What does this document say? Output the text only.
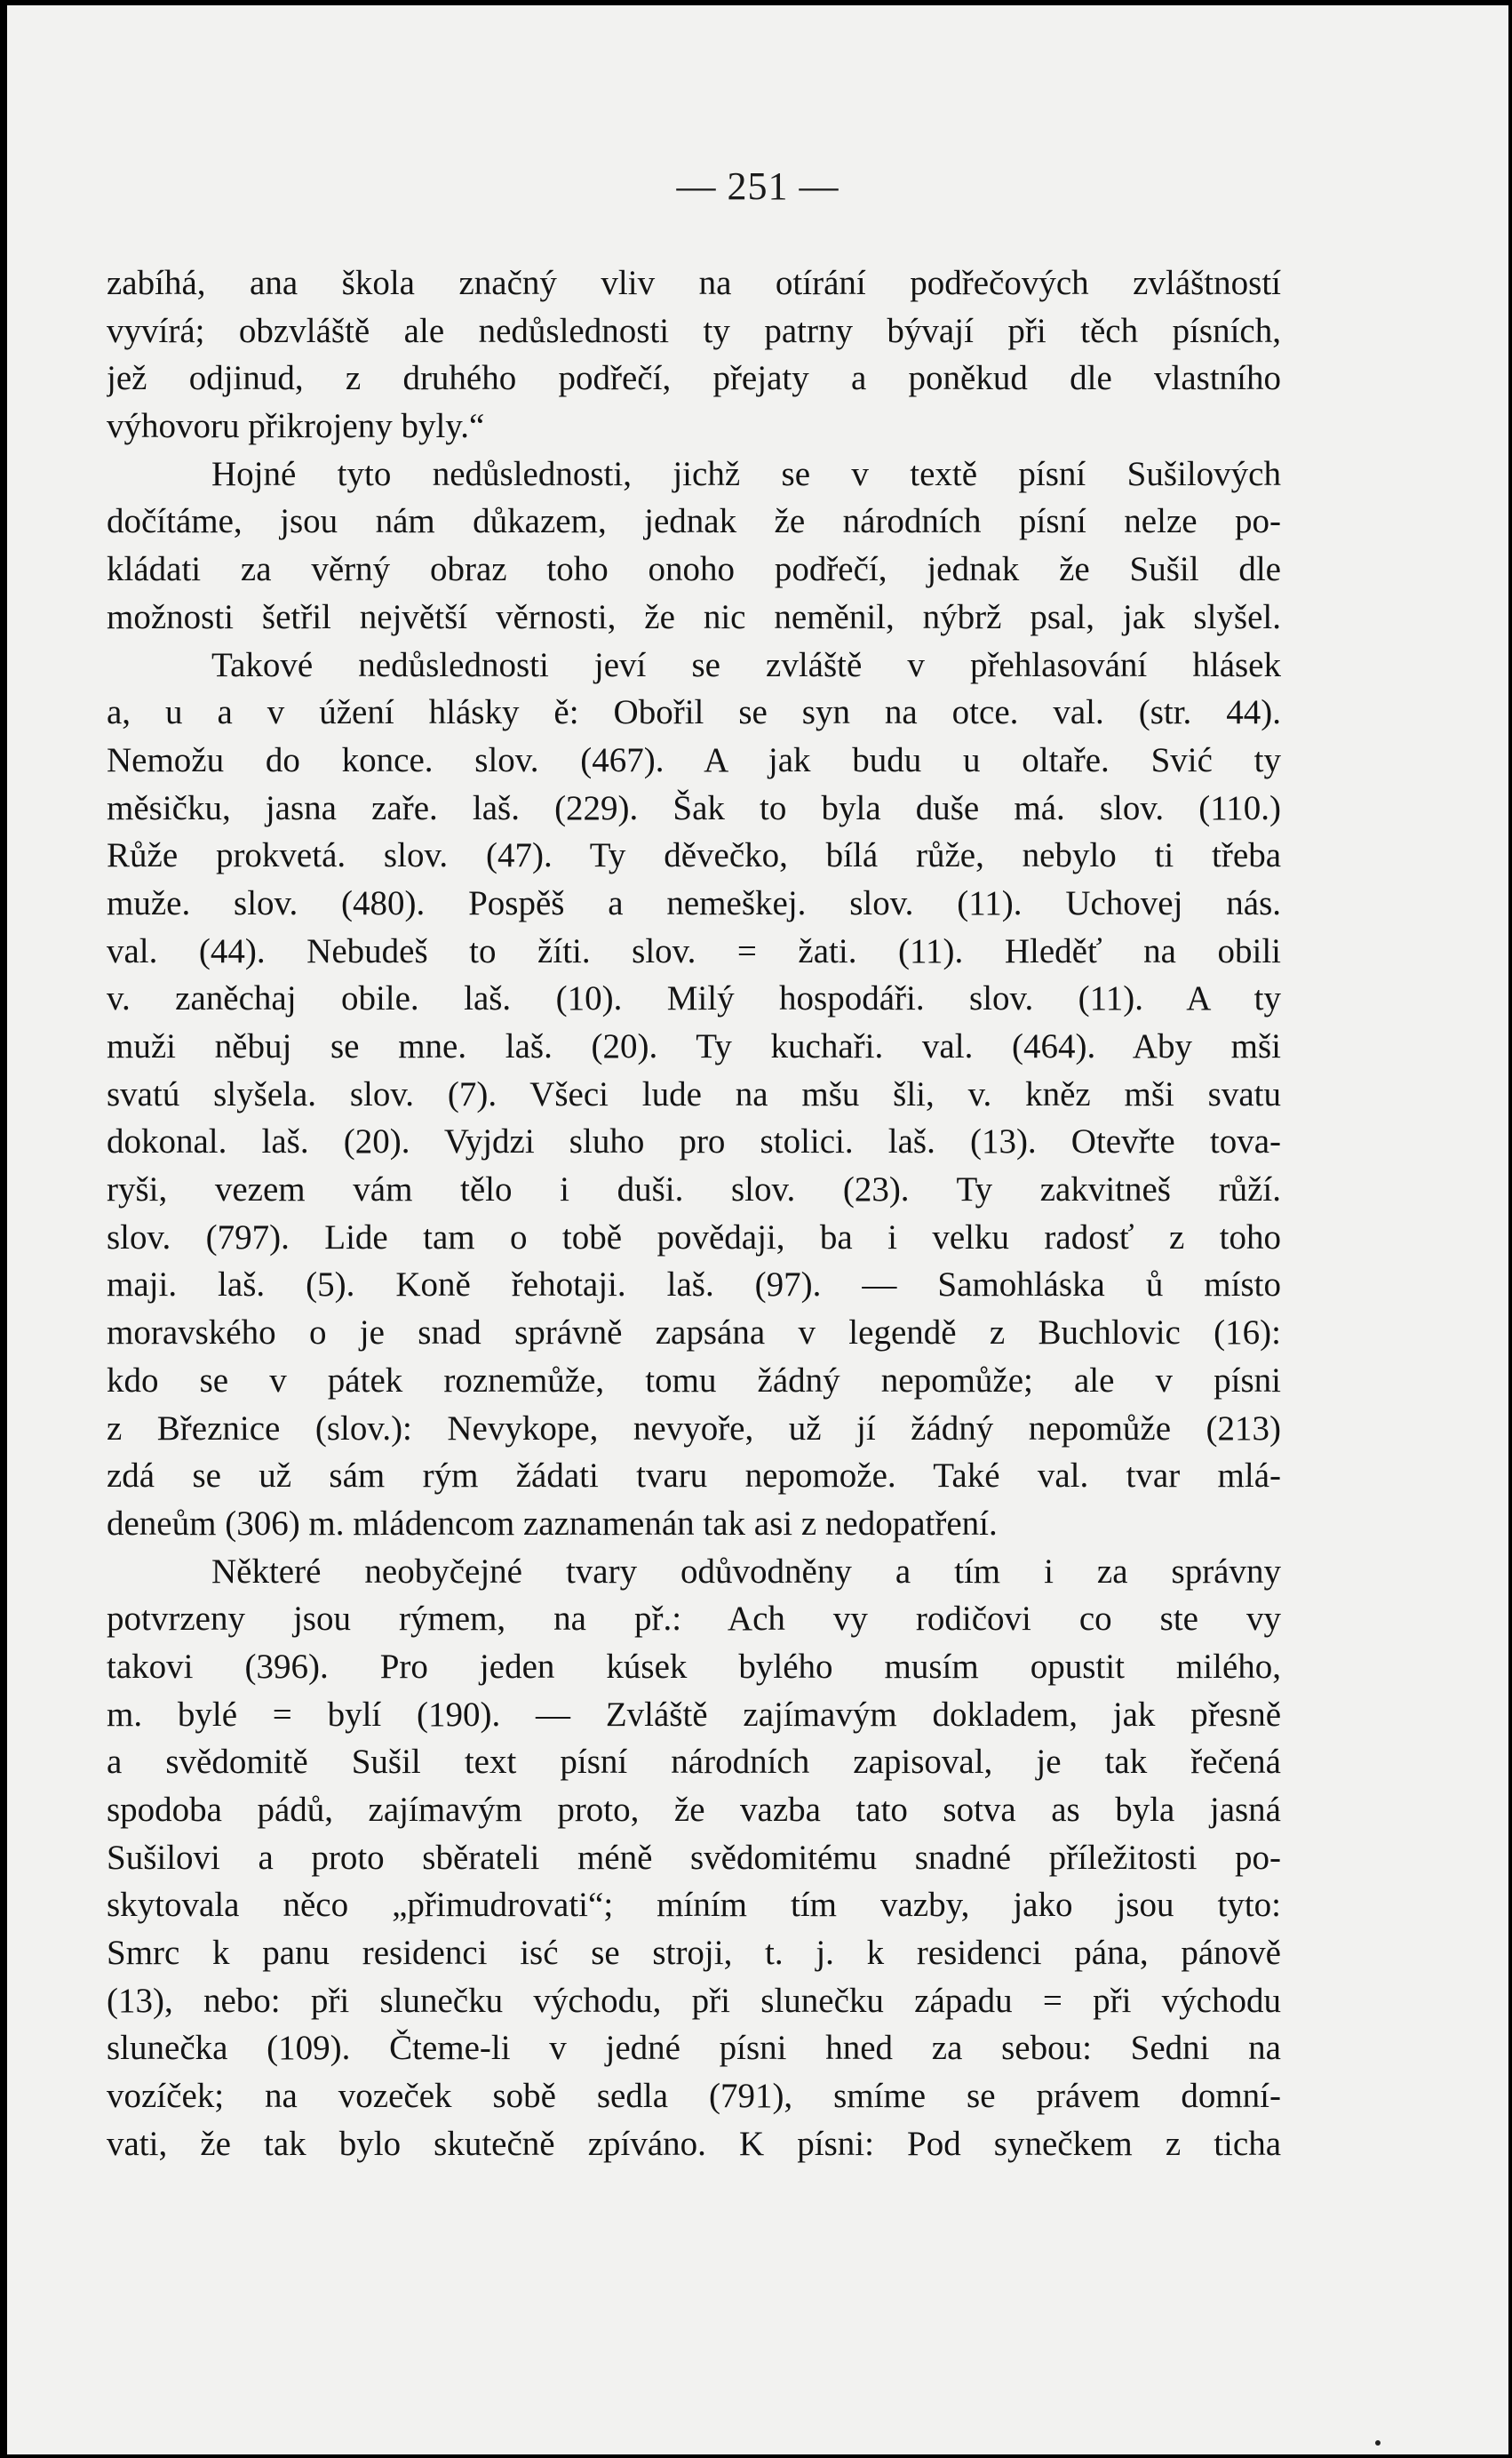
— 251 —
zabíhá, ana škola značný vliv na otírání podřečových zvláštností
vyvírá; obzvláště ale nedůslednosti ty patrny bývají při těch písních,
jež odjinud, z druhého podřečí, přejaty a poněkud dle vlastního
výhovoru přikrojeny byly.“
Hojné tyto nedůslednosti, jichž se v textě písní Sušilových
dočítáme, jsou nám důkazem, jednak že národních písní nelze po-
kládati za věrný obraz toho onoho podřečí, jednak že Sušil dle
možnosti šetřil největší věrnosti, že nic neměnil, nýbrž psal, jak slyšel.
Takové nedůslednosti jeví se zvláště v přehlasování hlásek
a, u a v úžení hlásky ě: Obořil se syn na otce. val. (str. 44).
Nemožu do konce. slov. (467). A jak budu u oltaře. Svić ty
měsičku, jasna zaře. laš. (229). Šak to byla duše má. slov. (110.)
Růže prokvetá. slov. (47). Ty děvečko, bílá růže, nebylo ti třeba
muže. slov. (480). Pospěš a nemeškej. slov. (11). Uchovej nás.
val. (44). Nebudeš to žíti. slov. = žati. (11). Hleděť na obili
v. zaněchaj obile. laš. (10). Milý hospodáři. slov. (11). A ty
muži něbuj se mne. laš. (20). Ty kuchaři. val. (464). Aby mši
svatú slyšela. slov. (7). Všeci lude na mšu šli, v. kněz mši svatu
dokonal. laš. (20). Vyjdzi sluho pro stolici. laš. (13). Otevřte tova-
ryši, vezem vám tělo i duši. slov. (23). Ty zakvitneš růží.
slov. (797). Lide tam o tobě povědaji, ba i velku radosť z toho
maji. laš. (5). Koně řehotaji. laš. (97). — Samohláska ů místo
moravského o je snad správně zapsána v legendě z Buchlovic (16):
kdo se v pátek roznemůže, tomu žádný nepomůže; ale v písni
z Březnice (slov.): Nevykope, nevyoře, už jí žádný nepomůže (213)
zdá se už sám rým žádati tvaru nepomože. Také val. tvar mlá-
deneům (306) m. mládencom zaznamenán tak asi z nedopatření.
Některé neobyčejné tvary odůvodněny a tím i za správny
potvrzeny jsou rýmem, na př.: Ach vy rodičovi co ste vy
takovi (396). Pro jeden kúsek bylého musím opustit milého,
m. bylé = bylí (190). — Zvláště zajímavým dokladem, jak přesně
a svědomitě Sušil text písní národních zapisoval, je tak řečená
spodoba pádů, zajímavým proto, že vazba tato sotva as byla jasná
Sušilovi a proto sběrateli méně svědomitému snadné příležitosti po-
skytovala něco „přimudrovati“; míním tím vazby, jako jsou tyto:
Smrc k panu residenci isć se stroji, t. j. k residenci pána, pánově
(13), nebo: při slunečku východu, při slunečku západu = při východu
slunečka (109). Čteme-li v jedné písni hned za sebou: Sedni na
vozíček; na vozeček sobě sedla (791), smíme se právem domní-
vati, že tak bylo skutečně zpíváno. K písni: Pod synečkem z ticha
